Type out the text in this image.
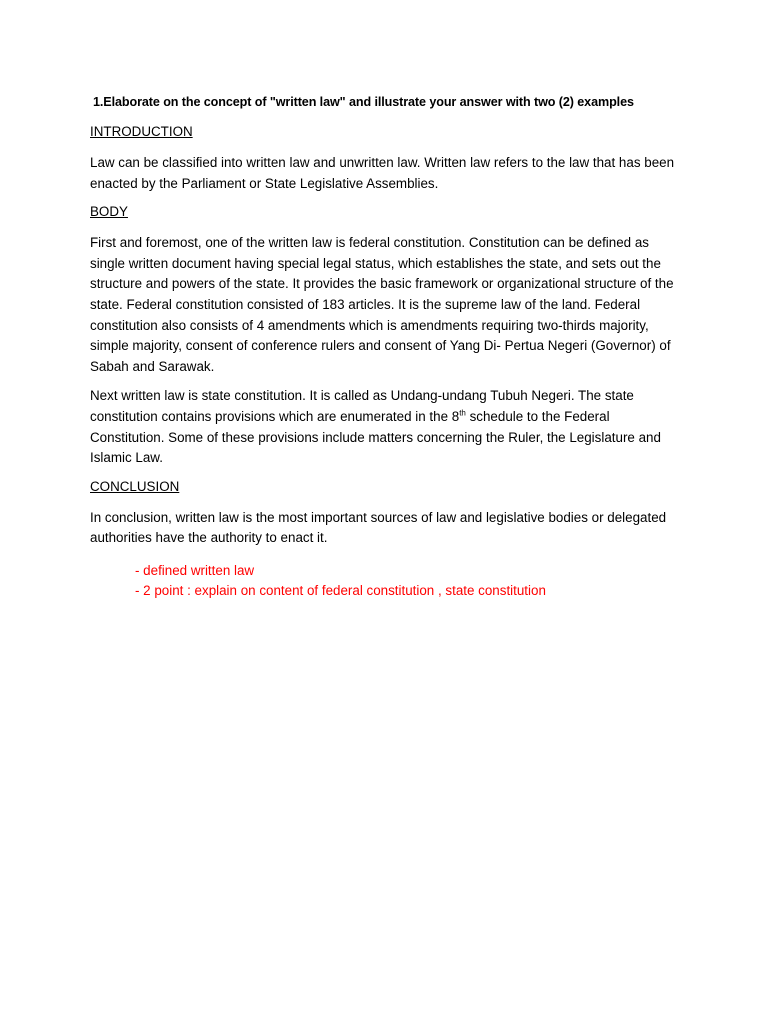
1.Elaborate on the concept of "written law" and illustrate your answer with two (2) examples
INTRODUCTION
Law can be classified into written law and unwritten law. Written law refers to the law that has been enacted by the Parliament or State Legislative Assemblies.
BODY
First and foremost, one of the written law is federal constitution. Constitution can be defined as single written document having special legal status, which establishes the state, and sets out the structure and powers of the state. It provides the basic framework or organizational structure of the state. Federal constitution consisted of 183 articles. It is the supreme law of the land. Federal constitution also consists of 4 amendments which is amendments requiring two-thirds majority, simple majority, consent of conference rulers and consent of Yang Di- Pertua Negeri (Governor) of Sabah and Sarawak.
Next written law is state constitution. It is called as Undang-undang Tubuh Negeri. The state constitution contains provisions which are enumerated in the 8th schedule to the Federal Constitution. Some of these provisions include matters concerning the Ruler, the Legislature and Islamic Law.
CONCLUSION
In conclusion, written law is the most important sources of law and legislative bodies or delegated authorities have the authority to enact it.
- defined written law
- 2 point : explain on content of federal constitution , state constitution
